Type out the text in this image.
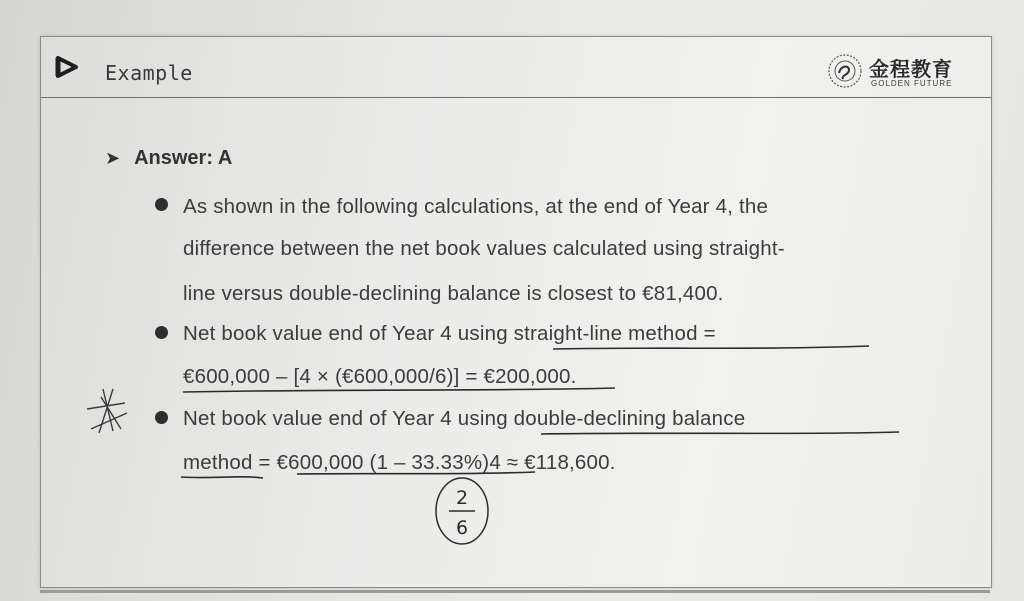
Example	金程教育
GOLDEN FUTURE
➤ Answer: A
As shown in the following calculations, at the end of Year 4, the
difference between the net book values calculated using straight-
line versus double-declining balance is closest to €81,400.
Net book value end of Year 4 using straight-line method =
€600,000 – [4 × (€600,000/6)] = €200,000.
Net book value end of Year 4 using double-declining balance
method = €600,000 (1 – 33.33%)4 ≈ €118,600.
2
6
